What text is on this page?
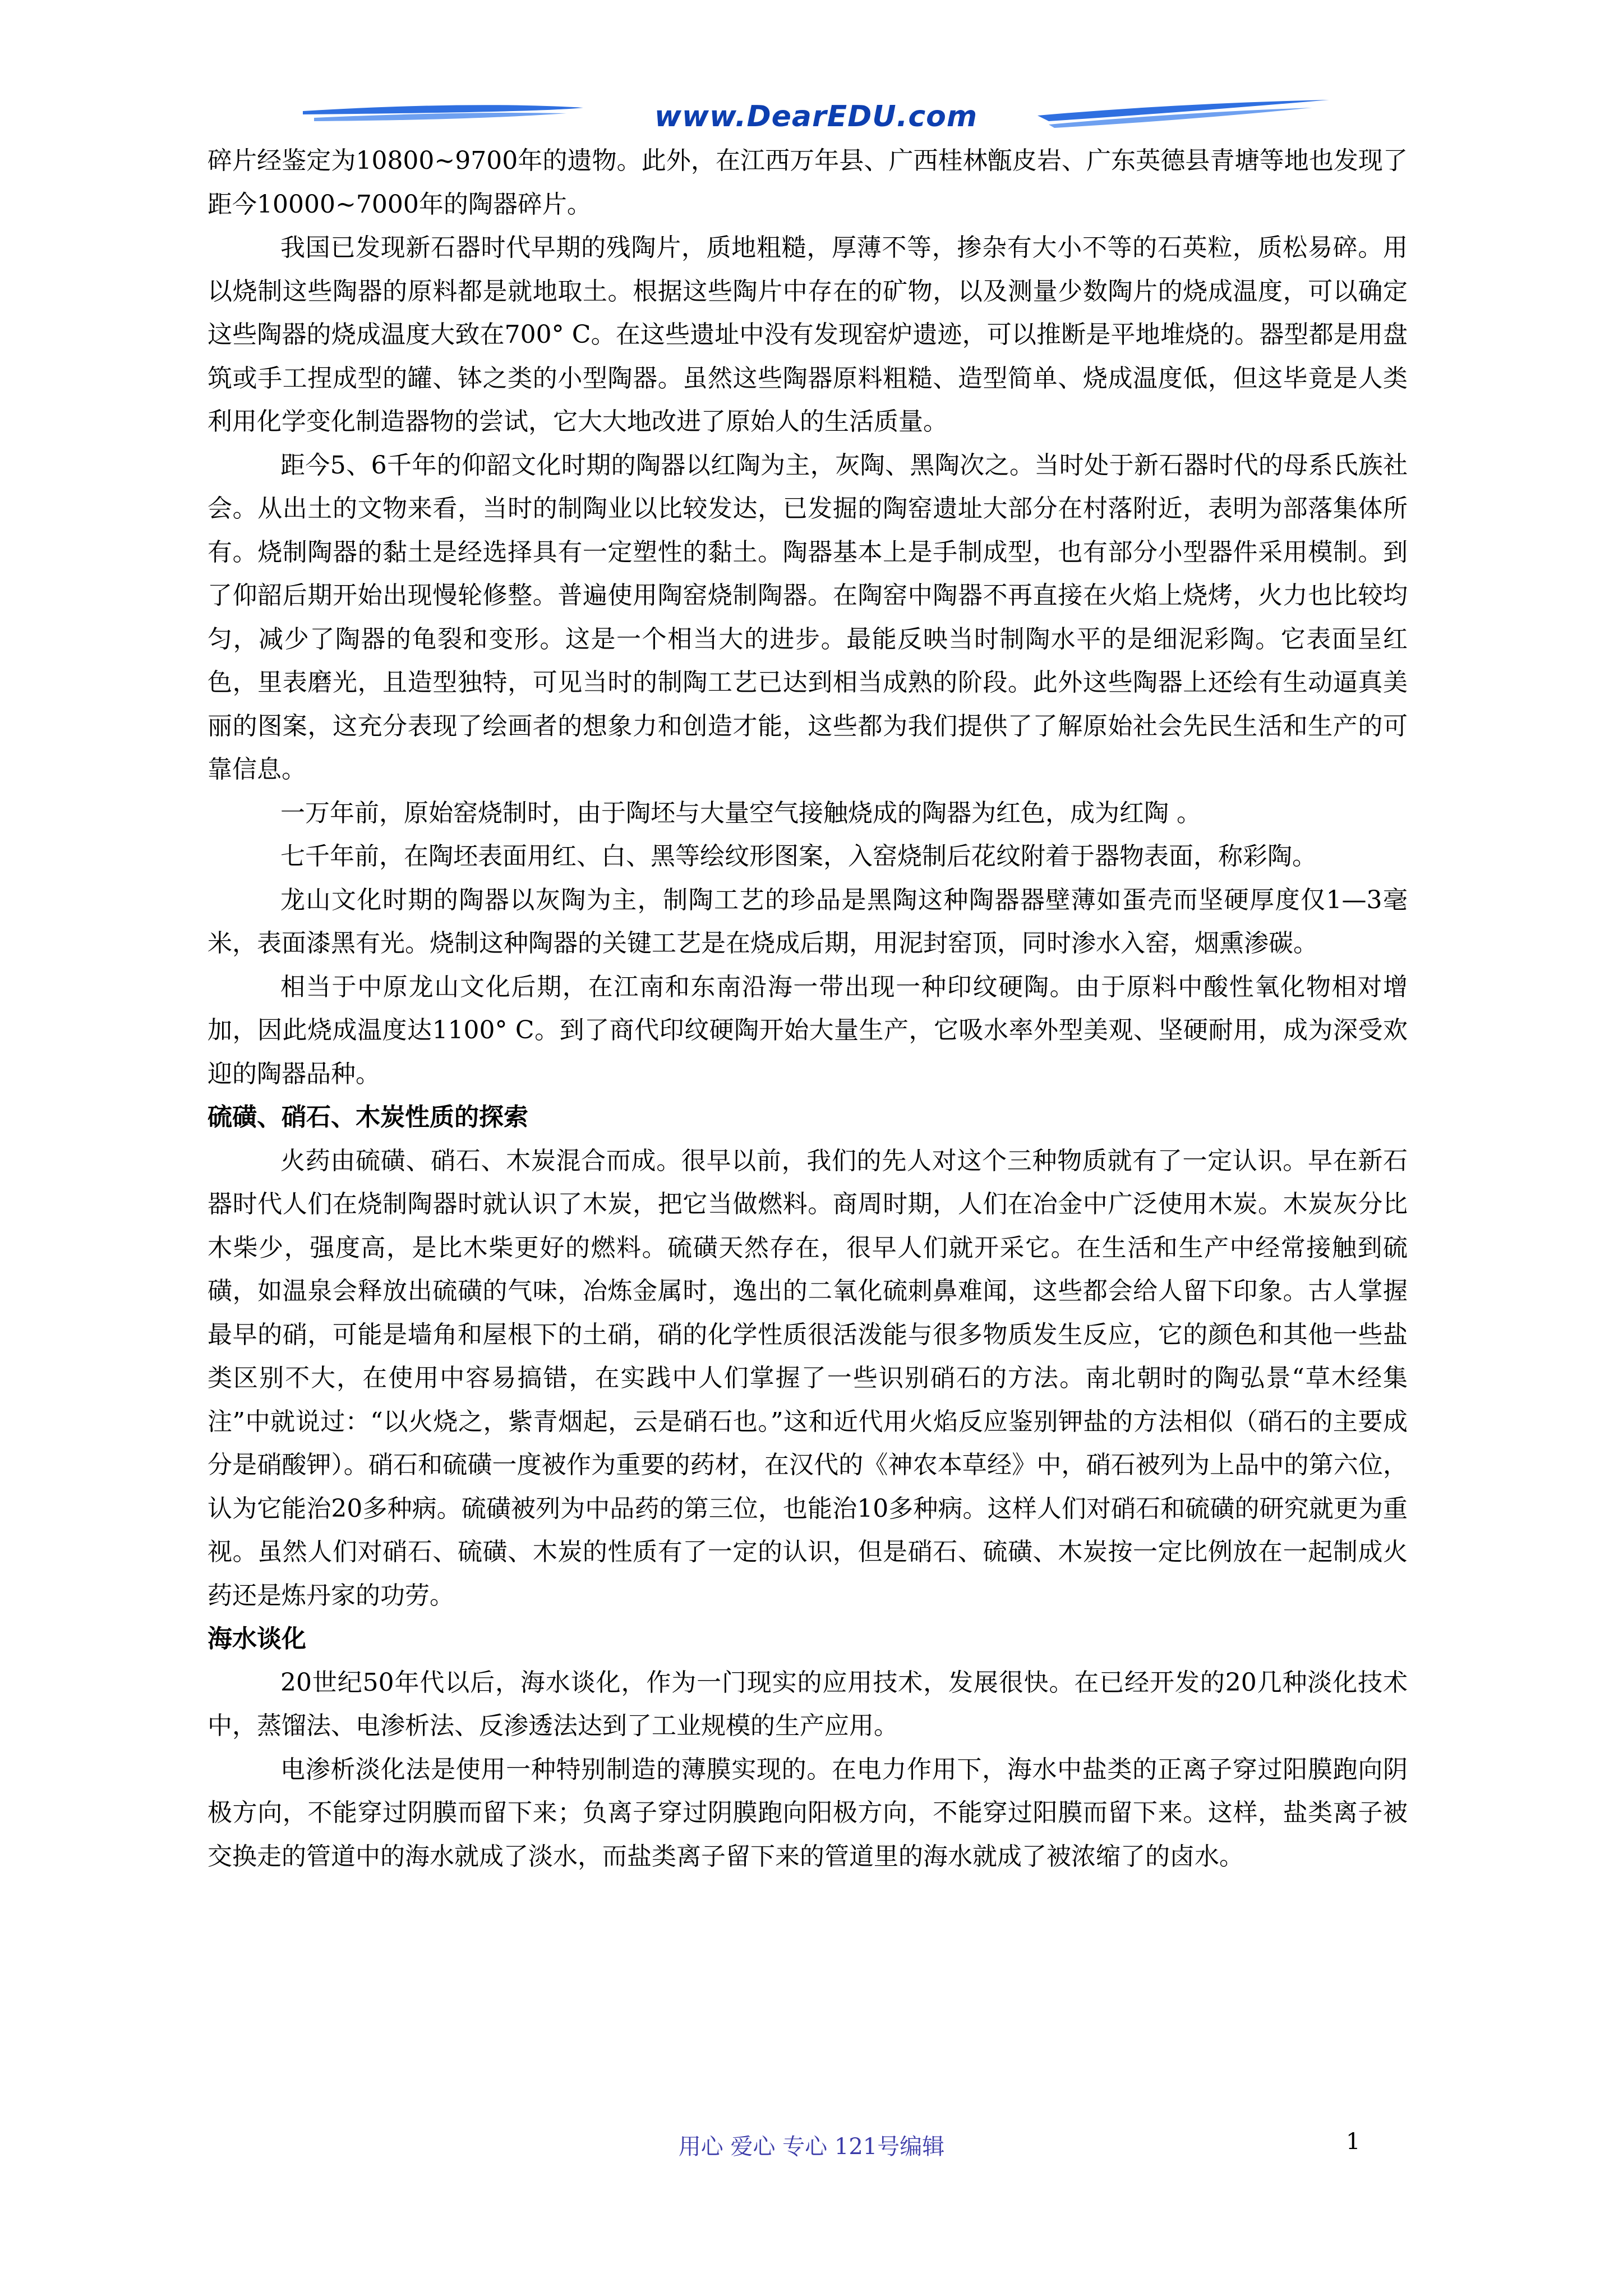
www.DearEDU.com

碎片经鉴定为10800~9700年的遗物。此外，在江西万年县、广西桂林甑皮岩、广东英德县青塘等地也发现了距今10000~7000年的陶器碎片。

我国已发现新石器时代早期的残陶片，质地粗糙，厚薄不等，掺杂有大小不等的石英粒，质松易碎。用以烧制这些陶器的原料都是就地取土。根据这些陶片中存在的矿物，以及测量少数陶片的烧成温度，可以确定这些陶器的烧成温度大致在700° C。在这些遗址中没有发现窑炉遗迹，可以推断是平地堆烧的。器型都是用盘筑或手工捏成型的罐、钵之类的小型陶器。虽然这些陶器原料粗糙、造型简单、烧成温度低，但这毕竟是人类利用化学变化制造器物的尝试，它大大地改进了原始人的生活质量。

距今5、6千年的仰韶文化时期的陶器以红陶为主，灰陶、黑陶次之。当时处于新石器时代的母系氏族社会。从出土的文物来看，当时的制陶业以比较发达，已发掘的陶窑遗址大部分在村落附近，表明为部落集体所有。烧制陶器的黏土是经选择具有一定塑性的黏土。陶器基本上是手制成型，也有部分小型器件采用模制。到了仰韶后期开始出现慢轮修整。普遍使用陶窑烧制陶器。在陶窑中陶器不再直接在火焰上烧烤，火力也比较均匀，减少了陶器的龟裂和变形。这是一个相当大的进步。最能反映当时制陶水平的是细泥彩陶。它表面呈红色，里表磨光，且造型独特，可见当时的制陶工艺已达到相当成熟的阶段。此外这些陶器上还绘有生动逼真美丽的图案，这充分表现了绘画者的想象力和创造才能，这些都为我们提供了了解原始社会先民生活和生产的可靠信息。

一万年前，原始窑烧制时，由于陶坯与大量空气接触烧成的陶器为红色，成为红陶 。

七千年前，在陶坯表面用红、白、黑等绘纹形图案，入窑烧制后花纹附着于器物表面，称彩陶。

龙山文化时期的陶器以灰陶为主，制陶工艺的珍品是黑陶这种陶器器壁薄如蛋壳而坚硬厚度仅1—3毫米，表面漆黑有光。烧制这种陶器的关键工艺是在烧成后期，用泥封窑顶，同时渗水入窑，烟熏渗碳。

相当于中原龙山文化后期，在江南和东南沿海一带出现一种印纹硬陶。由于原料中酸性氧化物相对增加，因此烧成温度达1100° C。到了商代印纹硬陶开始大量生产，它吸水率外型美观、坚硬耐用，成为深受欢迎的陶器品种。

硫磺、硝石、木炭性质的探索

火药由硫磺、硝石、木炭混合而成。很早以前，我们的先人对这个三种物质就有了一定认识。早在新石器时代人们在烧制陶器时就认识了木炭，把它当做燃料。商周时期，人们在冶金中广泛使用木炭。木炭灰分比木柴少，强度高，是比木柴更好的燃料。硫磺天然存在，很早人们就开采它。在生活和生产中经常接触到硫磺，如温泉会释放出硫磺的气味，冶炼金属时，逸出的二氧化硫刺鼻难闻，这些都会给人留下印象。古人掌握最早的硝，可能是墙角和屋根下的土硝，硝的化学性质很活泼能与很多物质发生反应，它的颜色和其他一些盐类区别不大，在使用中容易搞错，在实践中人们掌握了一些识别硝石的方法。南北朝时的陶弘景“草木经集注”中就说过：“以火烧之，紫青烟起，云是硝石也。”这和近代用火焰反应鉴别钾盐的方法相似（硝石的主要成分是硝酸钾）。硝石和硫磺一度被作为重要的药材，在汉代的《神农本草经》中，硝石被列为上品中的第六位，认为它能治20多种病。硫磺被列为中品药的第三位，也能治10多种病。这样人们对硝石和硫磺的研究就更为重视。虽然人们对硝石、硫磺、木炭的性质有了一定的认识，但是硝石、硫磺、木炭按一定比例放在一起制成火药还是炼丹家的功劳。

海水谈化

20世纪50年代以后，海水谈化，作为一门现实的应用技术，发展很快。在已经开发的20几种淡化技术中，蒸馏法、电渗析法、反渗透法达到了工业规模的生产应用。

电渗析淡化法是使用一种特别制造的薄膜实现的。在电力作用下，海水中盐类的正离子穿过阳膜跑向阴极方向，不能穿过阴膜而留下来；负离子穿过阴膜跑向阳极方向，不能穿过阳膜而留下来。这样，盐类离子被交换走的管道中的海水就成了淡水，而盐类离子留下来的管道里的海水就成了被浓缩了的卤水。

用心 爱心 专心 121号编辑	1
